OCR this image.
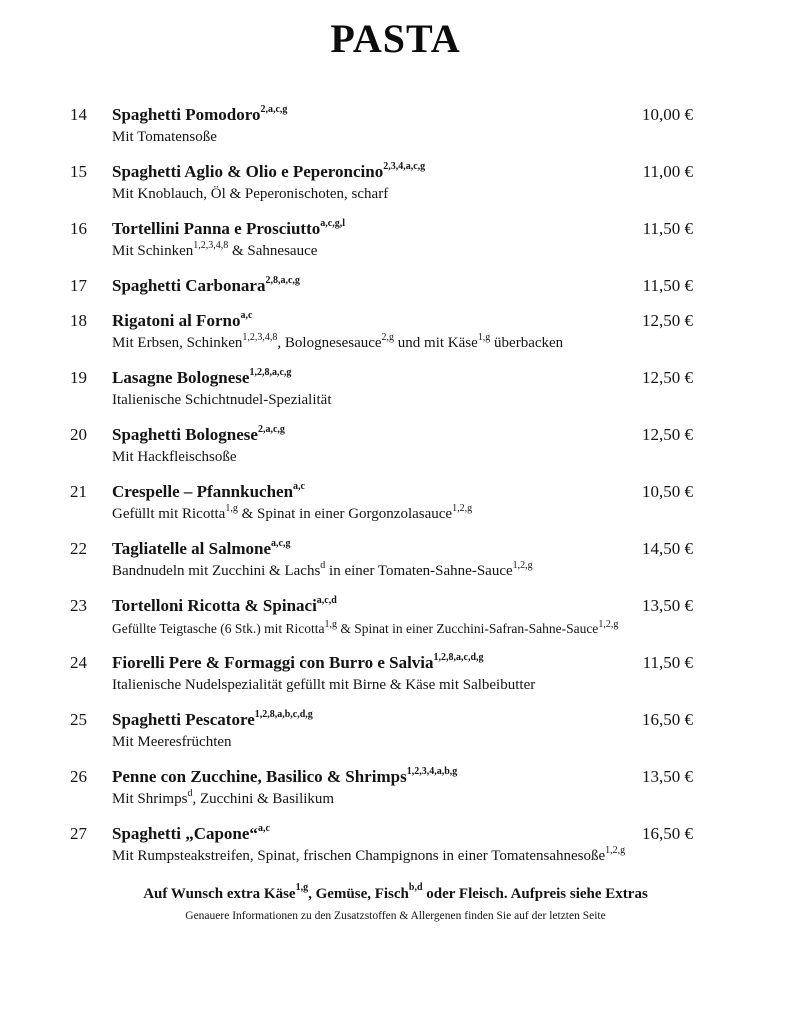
PASTA
14	Spaghetti Pomodoro$^{2,a,c,g}$
Mit Tomatensoße
10,00 €
15	Spaghetti Aglio & Olio e Peperoncino$^{2,3,4,a,c,g}$
Mit Knoblauch, Öl & Peperonischoten, scharf
11,00 €
16	Tortellini Panna e Prosciutto$^{a,c,g,l}$
Mit Schinken$^{1,2,3,4,8}$ & Sahnesauce
11,50 €
17	Spaghetti Carbonara$^{2,8,a,c,g}$	11,50 €
18	Rigatoni al Forno$^{a,c}$
Mit Erbsen, Schinken$^{1,2,3,4,8}$, Bolognesesauce$^{2,g}$ und mit Käse$^{1,g}$ überbacken
12,50 €
19	Lasagne Bolognese$^{1,2,8,a,c,g}$
Italienische Schichtnudel-Spezialität
12,50 €
20	Spaghetti Bolognese$^{2,a,c,g}$
Mit Hackfleischsoße
12,50 €
21	Crespelle – Pfannkuchen$^{a,c}$
Gefüllt mit Ricotta$^{1,g}$ & Spinat in einer Gorgonzolasauce$^{1,2,g}$
10,50 €
22	Tagliatelle al Salmone$^{a,c,g}$
Bandnudeln mit Zucchini & Lachs$^d$ in einer Tomaten-Sahne-Sauce$^{1,2,g}$
14,50 €
23	Tortelloni Ricotta & Spinaci$^{a,c,d}$
Gefüllte Teigtasche (6 Stk.) mit Ricotta$^{1,g}$ & Spinat in einer Zucchini-Safran-Sahne-Sauce$^{1,2,g}$
13,50 €
24	Fiorelli Pere & Formaggi con Burro e Salvia$^{1,2,8,a,c,d,g}$
Italienische Nudelspezialität gefüllt mit Birne & Käse mit Salbeibutter
11,50 €
25	Spaghetti Pescatore$^{1,2,8,a,b,c,d,g}$
Mit Meeresfrüchten
16,50 €
26	Penne con Zucchine, Basilico & Shrimps$^{1,2,3,4,a,b,g}$
Mit Shrimps$^d$, Zucchini & Basilikum
13,50 €
27	Spaghetti „Capone“$^{a,c}$
Mit Rumpsteakstreifen, Spinat, frischen Champignons in einer Tomatensahnesoße$^{1,2,g}$
16,50 €

Auf Wunsch extra Käse$^{1,g}$, Gemüse, Fisch$^{b,d}$ oder Fleisch. Aufpreis siehe Extras

Genauere Informationen zu den Zusatzstoffen & Allergenen finden Sie auf der letzten Seite
